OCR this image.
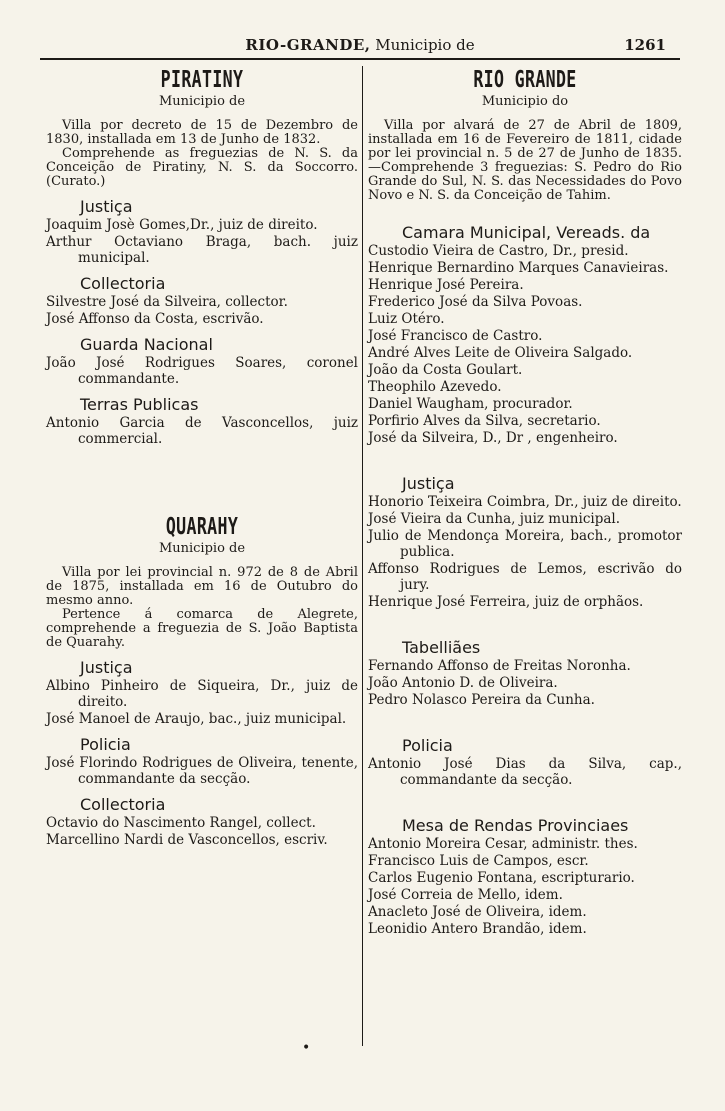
RIO-GRANDE, Municipio de	1261
PIRATINY
Municipio de

Villa por decreto de 15 de Dezembro de 1830, installada em 13 de Junho de 1832.

Comprehende as freguezias de N. S. da Conceição de Piratiny, N. S. da Soccorro. (Curato.)

Justiça
Joaquim Josè Gomes,Dr., juiz de direito.
Arthur Octaviano Braga, bach. juiz municipal.
Collectoria
Silvestre José da Silveira, collector.
José Affonso da Costa, escrivão.
Guarda Nacional
João José Rodrigues Soares, coronel commandante.
Terras Publicas
Antonio Garcia de Vasconcellos, juiz commercial.
QUARAHY
Municipio de

Villa por lei provincial n. 972 de 8 de Abril de 1875, installada em 16 de Outubro do mesmo anno.

Pertence á comarca de Alegrete, comprehende a freguezia de S. João Baptista de Quarahy.

Justiça
Albino Pinheiro de Siqueira, Dr., juiz de direito.
José Manoel de Araujo, bac., juiz municipal.
Policia
José Florindo Rodrigues de Oliveira, tenente, commandante da secção.
Collectoria
Octavio do Nascimento Rangel, collect.
Marcellino Nardi de Vasconcellos, escriv.
RIO GRANDE
Municipio do

Villa por alvará de 27 de Abril de 1809, installada em 16 de Fevereiro de 1811, cidade por lei provincial n. 5 de 27 de Junho de 1835.—Comprehende 3 freguezias: S. Pedro do Rio Grande do Sul, N. S. das Necessidades do Povo Novo e N. S. da Conceição de Tahim.

Camara Municipal, Vereads. da
Custodio Vieira de Castro, Dr., presid.
Henrique Bernardino Marques Canavieiras.
Henrique José Pereira.
Frederico José da Silva Povoas.
Luiz Otéro.
José Francisco de Castro.
André Alves Leite de Oliveira Salgado.
João da Costa Goulart.
Theophilo Azevedo.
Daniel Waugham, procurador.
Porfirio Alves da Silva, secretario.
José da Silveira, D., Dr , engenheiro.
Justiça
Honorio Teixeira Coimbra, Dr., juiz de direito.
José Vieira da Cunha, juiz municipal.
Julio de Mendonça Moreira, bach., promotor publica.
Affonso Rodrigues de Lemos, escrivão do jury.
Henrique José Ferreira, juiz de orphãos.
Tabelliães
Fernando Affonso de Freitas Noronha.
João Antonio D. de Oliveira.
Pedro Nolasco Pereira da Cunha.
Policia
Antonio José Dias da Silva, cap., commandante da secção.
Mesa de Rendas Provinciaes
Antonio Moreira Cesar, administr. thes.
Francisco Luis de Campos, escr.
Carlos Eugenio Fontana, escripturario.
José Correia de Mello, idem.
Anacleto José de Oliveira, idem.
Leonidio Antero Brandão, idem.
•
